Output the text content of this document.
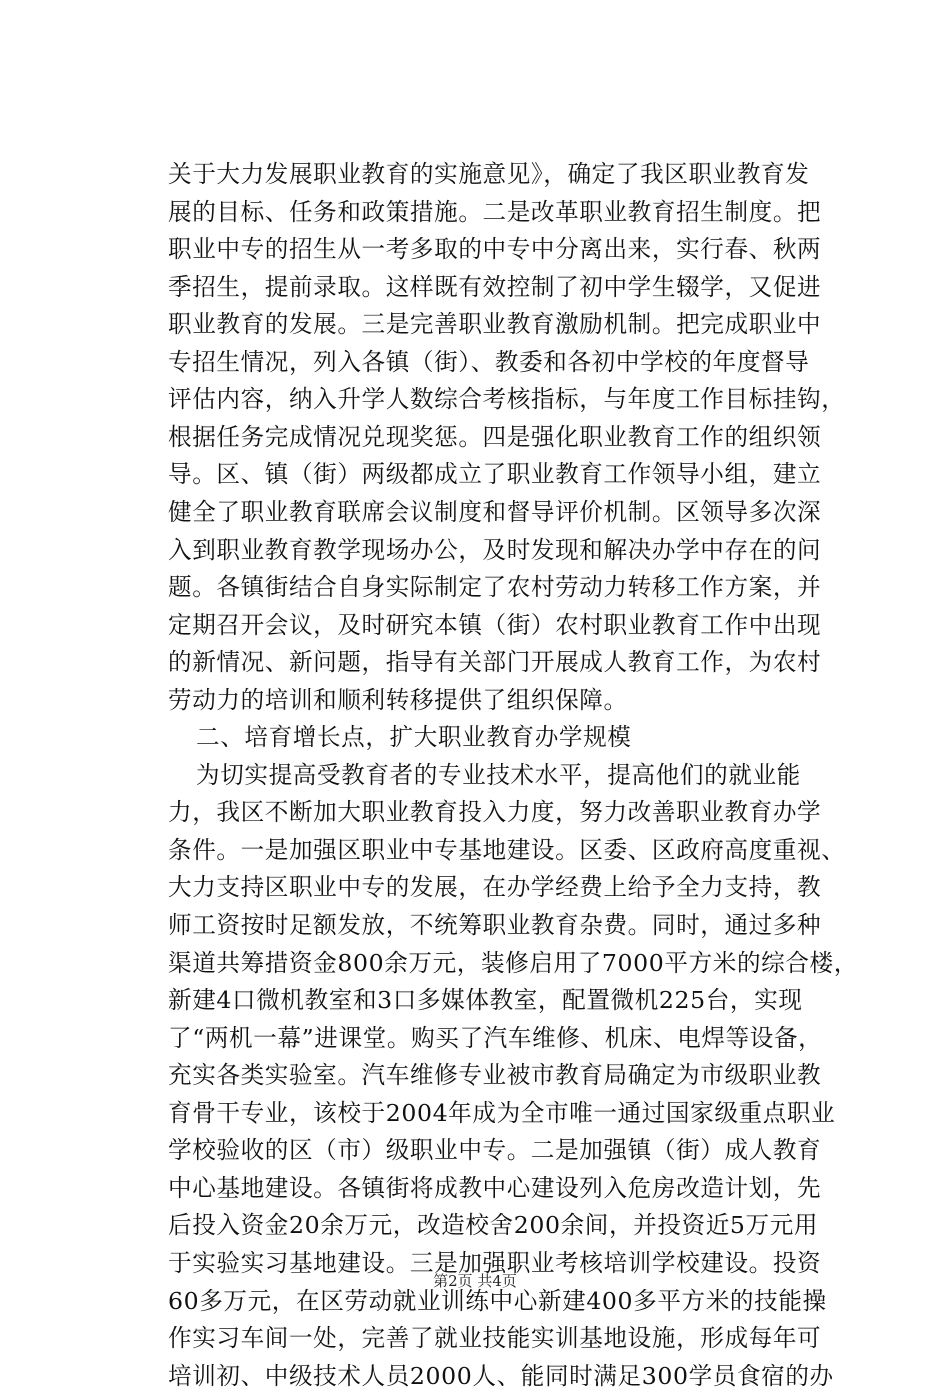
关于大力发展职业教育的实施意见》，确定了我区职业教育发
展的目标、任务和政策措施。二是改革职业教育招生制度。把
职业中专的招生从一考多取的中专中分离出来，实行春、秋两
季招生，提前录取。这样既有效控制了初中学生辍学，又促进
职业教育的发展。三是完善职业教育激励机制。把完成职业中
专招生情况，列入各镇（街）、教委和各初中学校的年度督导
评估内容，纳入升学人数综合考核指标，与年度工作目标挂钩，
根据任务完成情况兑现奖惩。四是强化职业教育工作的组织领
导。区、镇（街）两级都成立了职业教育工作领导小组，建立
健全了职业教育联席会议制度和督导评价机制。区领导多次深
入到职业教育教学现场办公，及时发现和解决办学中存在的问
题。各镇街结合自身实际制定了农村劳动力转移工作方案，并
定期召开会议，及时研究本镇（街）农村职业教育工作中出现
的新情况、新问题，指导有关部门开展成人教育工作，为农村
劳动力的培训和顺利转移提供了组织保障。
二、培育增长点，扩大职业教育办学规模
为切实提高受教育者的专业技术水平，提高他们的就业能
力，我区不断加大职业教育投入力度，努力改善职业教育办学
条件。一是加强区职业中专基地建设。区委、区政府高度重视、
大力支持区职业中专的发展，在办学经费上给予全力支持，教
师工资按时足额发放，不统筹职业教育杂费。同时，通过多种
渠道共筹措资金800余万元，装修启用了7000平方米的综合楼，
新建4口微机教室和3口多媒体教室，配置微机225台，实现
了“两机一幕”进课堂。购买了汽车维修、机床、电焊等设备，
充实各类实验室。汽车维修专业被市教育局确定为市级职业教
育骨干专业，该校于2004年成为全市唯一通过国家级重点职业
学校验收的区（市）级职业中专。二是加强镇（街）成人教育
中心基地建设。各镇街将成教中心建设列入危房改造计划，先
后投入资金20余万元，改造校舍200余间，并投资近5万元用
于实验实习基地建设。三是加强职业考核培训学校建设。投资
60多万元，在区劳动就业训练中心新建400多平方米的技能操
作实习车间一处，完善了就业技能实训基地设施，形成每年可
培训初、中级技术人员2000人、能同时满足300学员食宿的办
第2页 共4页
